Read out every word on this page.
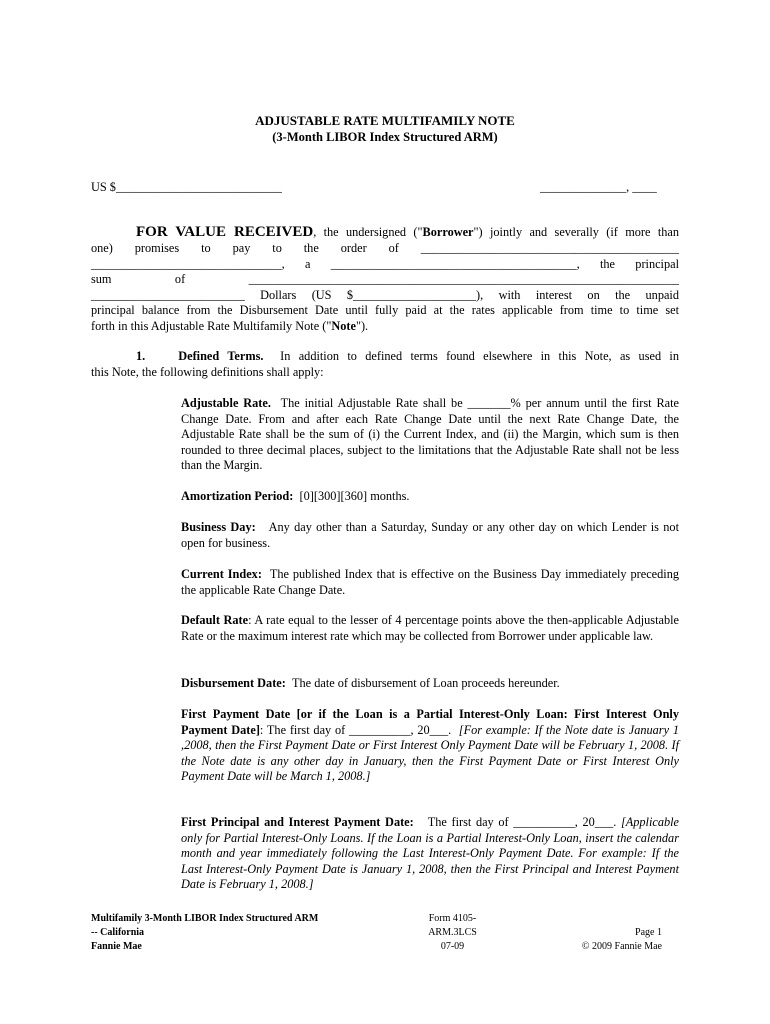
ADJUSTABLE RATE MULTIFAMILY NOTE
(3-Month LIBOR Index Structured ARM)
US $___________________________	______________, ____
FOR VALUE RECEIVED, the undersigned ("Borrower") jointly and severally (if more than
one) promises to pay to the order of __________________________________________
_______________________________, a ________________________________________, the principal
sum of ______________________________________________________________________
_________________________ Dollars (US $____________________), with interest on the unpaid
principal balance from the Disbursement Date until fully paid at the rates applicable from time to time set
forth in this Adjustable Rate Multifamily Note ("Note").
1.	Defined Terms. In addition to defined terms found elsewhere in this Note, as used in
this Note, the following definitions shall apply:
Adjustable Rate. The initial Adjustable Rate shall be _______% per annum until the first Rate Change Date. From and after each Rate Change Date until the next Rate Change Date, the Adjustable Rate shall be the sum of (i) the Current Index, and (ii) the Margin, which sum is then rounded to three decimal places, subject to the limitations that the Adjustable Rate shall not be less than the Margin.
Amortization Period: [0][300][360] months.
Business Day: Any day other than a Saturday, Sunday or any other day on which Lender is not open for business.
Current Index: The published Index that is effective on the Business Day immediately preceding the applicable Rate Change Date.
Default Rate: A rate equal to the lesser of 4 percentage points above the then-applicable Adjustable Rate or the maximum interest rate which may be collected from Borrower under applicable law.
Disbursement Date: The date of disbursement of Loan proceeds hereunder.
First Payment Date [or if the Loan is a Partial Interest-Only Loan: First Interest Only Payment Date]: The first day of __________, 20___. [For example: If the Note date is January 1 ,2008, then the First Payment Date or First Interest Only Payment Date will be February 1, 2008. If the Note date is any other day in January, then the First Payment Date or First Interest Only Payment Date will be March 1, 2008.]
First Principal and Interest Payment Date: The first day of __________, 20___. [Applicable only for Partial Interest-Only Loans. If the Loan is a Partial Interest-Only Loan, insert the calendar month and year immediately following the Last Interest-Only Payment Date. For example: If the Last Interest-Only Payment Date is January 1, 2008, then the First Principal and Interest Payment Date is February 1, 2008.]
Multifamily 3-Month LIBOR Index Structured ARM
-- California
Fannie Mae
Form 4105-
ARM.3LCS
07-09
Page 1
© 2009 Fannie Mae
